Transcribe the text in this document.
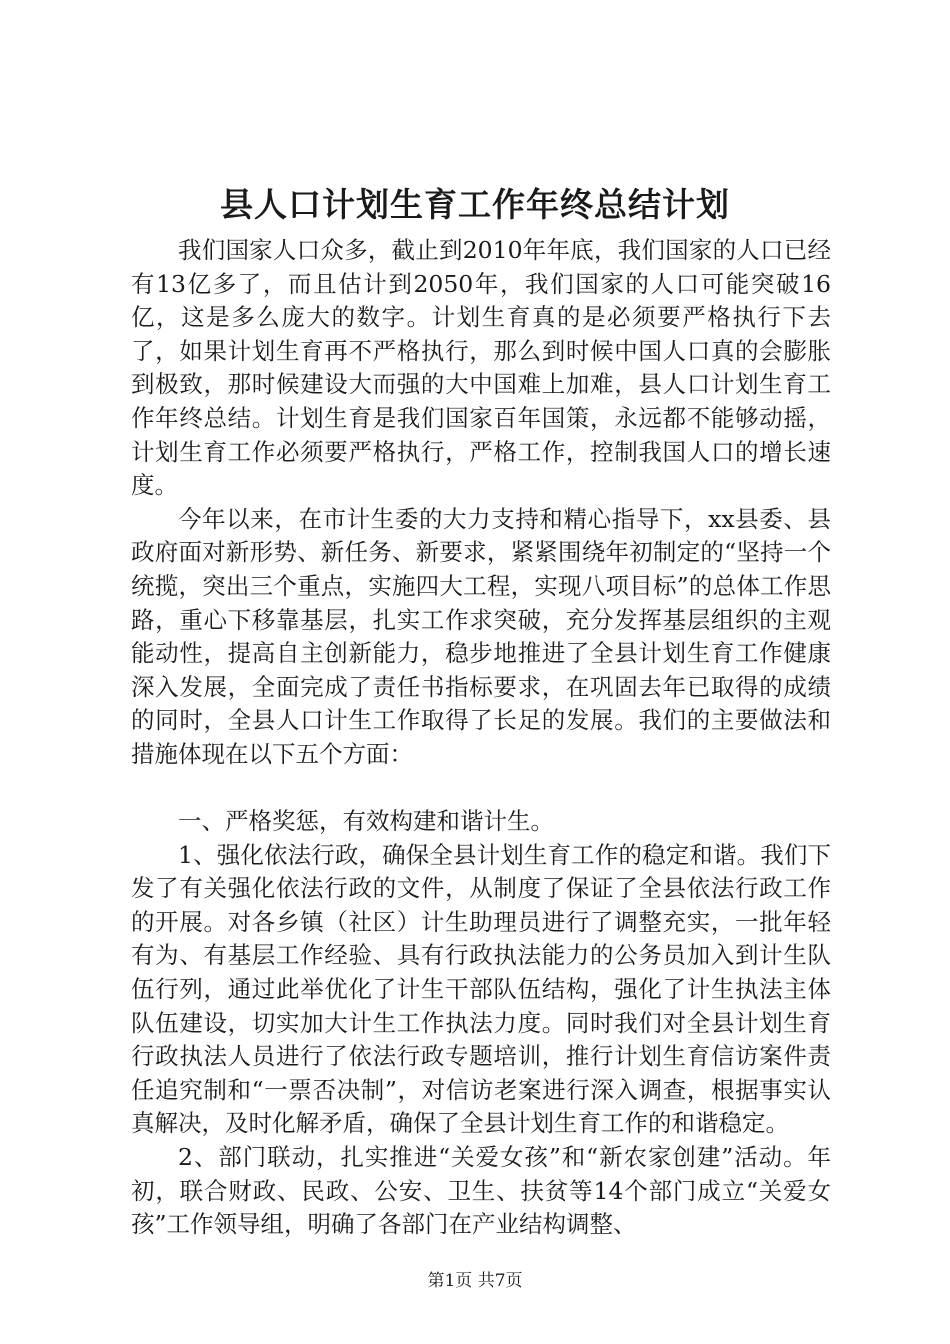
县人口计划生育工作年终总结计划

我们国家人口众多，截止到2010年年底，我们国家的人口已经有13亿多了，而且估计到2050年，我们国家的人口可能突破16亿，这是多么庞大的数字。计划生育真的是必须要严格执行下去了，如果计划生育再不严格执行，那么到时候中国人口真的会膨胀到极致，那时候建设大而强的大中国难上加难，县人口计划生育工作年终总结。计划生育是我们国家百年国策，永远都不能够动摇，计划生育工作必须要严格执行，严格工作，控制我国人口的增长速度。

今年以来，在市计生委的大力支持和精心指导下，xx县委、县政府面对新形势、新任务、新要求，紧紧围绕年初制定的“坚持一个统揽，突出三个重点，实施四大工程，实现八项目标”的总体工作思路，重心下移靠基层，扎实工作求突破，充分发挥基层组织的主观能动性，提高自主创新能力，稳步地推进了全县计划生育工作健康深入发展，全面完成了责任书指标要求，在巩固去年已取得的成绩的同时，全县人口计生工作取得了长足的发展。我们的主要做法和措施体现在以下五个方面：

一、严格奖惩，有效构建和谐计生。

1、强化依法行政，确保全县计划生育工作的稳定和谐。我们下发了有关强化依法行政的文件，从制度了保证了全县依法行政工作的开展。对各乡镇（社区）计生助理员进行了调整充实，一批年轻有为、有基层工作经验、具有行政执法能力的公务员加入到计生队伍行列，通过此举优化了计生干部队伍结构，强化了计生执法主体队伍建设，切实加大计生工作执法力度。同时我们对全县计划生育行政执法人员进行了依法行政专题培训，推行计划生育信访案件责任追究制和“一票否决制”，对信访老案进行深入调查，根据事实认真解决，及时化解矛盾，确保了全县计划生育工作的和谐稳定。

2、部门联动，扎实推进“关爱女孩”和“新农家创建”活动。年初，联合财政、民政、公安、卫生、扶贫等14个部门成立“关爱女孩”工作领导组，明确了各部门在产业结构调整、

第1页 共7页
